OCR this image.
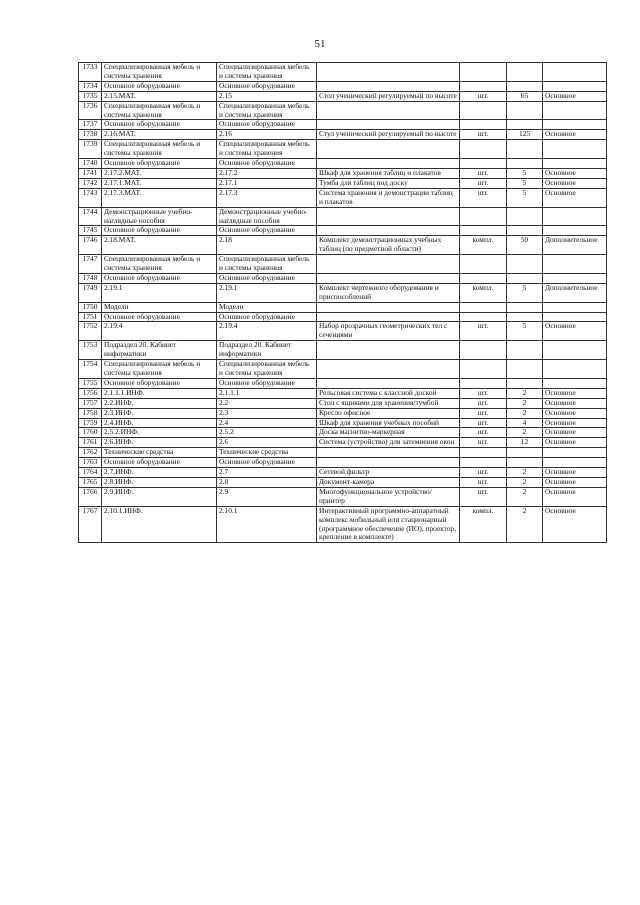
51
1733	Специализированная мебель и системы хранения	Специализированная мебель и системы хранения				
1734	Основное оборудование	Основное оборудование				
1735	2.15.МАТ.	2.15	Стол ученический регулируемый по высоте	шт.	65	Основное
1736	Специализированная мебель и системы хранения	Специализированная мебель и системы хранения				
1737	Основное оборудование	Основное оборудование				
1738	2.16.МАТ.	2.16	Стул ученический регулируемый по высоте	шт.	125	Основное
1739	Специализированная мебель и системы хранения	Специализированная мебель и системы хранения				
1740	Основное оборудование	Основное оборудование				
1741	2.17.2.МАТ.	2.17.2	Шкаф для хранения таблиц и плакатов	шт.	5	Основное
1742	2.17.1.МАТ.	2.17.1	Тумба для таблиц под доску	шт.	5	Основное
1743	2.17.3.МАТ.	2.17.3	Система хранения и демонстрации таблиц и плакатов	шт.	5	Основное
1744	Демонстрационные учебно-наглядные пособия	Демонстрационные учебно-наглядные пособия				
1745	Основное оборудование	Основное оборудование				
1746	2.18.МАТ.	2.18	Комплект демонстрационных учебных таблиц (по предметной области)	компл.	50	Дополнительное
1747	Специализированная мебель и системы хранения	Специализированная мебель и системы хранения				
1748	Основное оборудование	Основное оборудование				
1749	2.19.1	2.19.1	Комплект чертежного оборудования и приспособлений	компл.	5	Дополнительное
1750	Модели	Модели				
1751	Основное оборудование	Основное оборудование				
1752	2.19.4	2.19.4	Набор прозрачных геометрических тел с сечениями	шт.	5	Основное
1753	Подраздел 20. Кабинет информатики	Подраздел 20. Кабинет информатики				
1754	Специализированная мебель и системы хранения	Специализированная мебель и системы хранения				
1755	Основное оборудование	Основное оборудование				
1756	2.1.1.1.ИНФ.	2.1.1.1	Рельсовая система с классной доской	шт.	2	Основное
1757	2.2.ИНФ.	2.2	Стол с ящиками для хранения/тумбой	шт.	2	Основное
1758	2.3.ИНФ.	2.3	Кресло офисное	шт.	2	Основное
1759	2.4.ИНФ.	2.4	Шкаф для хранения учебных пособий	шт.	4	Основное
1760	2.5.2.ИНФ.	2.5.2	Доска магнитно-маркерная	шт.	2	Основное
1761	2.6.ИНФ.	2.6	Система (устройство) для затемнения окон	шт.	12	Основное
1762	Технические средства	Технические средства				
1763	Основное оборудование	Основное оборудование				
1764	2.7.ИНФ.	2.7	Сетевой фильтр	шт.	2	Основное
1765	2.8.ИНФ.	2.8	Документ-камера	шт.	2	Основное
1766	2.9.ИНФ.	2.9	Многофункциональное устройство/принтер	шт.	2	Основное
1767	2.10.1.ИНФ.	2.10.1	Интерактивный программно-аппаратный комплекс мобильный или стационарный (программное обеспечение (ПО), проектор, крепление в комплекте)	компл.	2	Основное
